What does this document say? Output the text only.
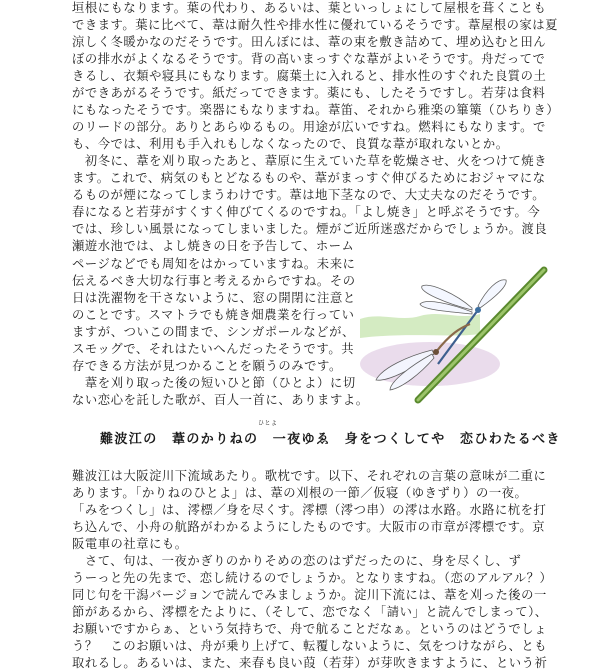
垣根にもなります。葉の代わり、あるいは、葉といっしょにして屋根を葺くことも

できます。葉に比べて、葦は耐久性や排水性に優れているそうです。葦屋根の家は夏

涼しく冬暖かなのだそうです。田んぼには、葦の束を敷き詰めて、埋め込むと田ん

ぼの排水がよくなるそうです。背の高いまっすぐな葦がよいそうです。舟だってで

きるし、衣類や寝具にもなります。腐葉土に入れると、排水性のすぐれた良質の土

ができあがるそうです。紙だってできます。薬にも、したそうですし。若芽は食料

にもなったそうです。楽器にもなりますね。葦笛、それから雅楽の篳篥（ひちりき）

のリードの部分。ありとあらゆるもの。用途が広いですね。燃料にもなります。で

も、今では、利用も手入れもしなくなったので、良質な葦が取れないとか。

　初冬に、葦を刈り取ったあと、葦原に生えていた草を乾燥させ、火をつけて焼き

ます。これで、病気のもとどなるものや、葦がまっすぐ伸びるためにおジャマにな

るものが煙になってしまうわけです。葦は地下茎なので、大丈夫なのだそうです。

春になると若芽がすくすく伸びてくるのですね。「よし焼き」と呼ぶそうです。今

では、珍しい風景になってしまいました。煙がご近所迷惑だからでしょうか。渡良

瀬遊水池では、よし焼きの日を予告して、ホーム

ページなどでも周知をはかっていますね。未来に

伝えるべき大切な行事と考えるからですね。その

日は洗濯物を干さないように、窓の開閉に注意と

のことです。スマトラでも焼き畑農業を行ってい

ますが、ついこの間まで、シンガポールなどが、

スモッグで、それはたいへんだったそうです。共

存できる方法が見つかることを願うのみです。

　葦を刈り取った後の短いひと節（ひとよ）に切

ない恋心を託した歌が、百人一首に、ありますよ。

ひとよ
難波江の　葦のかりねの　一夜ゆゑ　身をつくしてや　恋ひわたるべき

難波江は大阪淀川下流域あたり。歌枕です。以下、それぞれの言葉の意味が二重に

あります。「かりねのひとよ」は、葦の刈根の一節／仮寝（ゆきずり）の一夜。

「みをつくし」は、澪標／身を尽くす。澪標（澪つ串）の澪は水路。水路に杭を打

ち込んで、小舟の航路がわかるようにしたものです。大阪市の市章が澪標です。京

阪電車の社章にも。

　さて、句は、一夜かぎりのかりそめの恋のはずだったのに、身を尽くし、ず

うーっと先の先まで、恋し続けるのでしょうか。となりますね。（恋のアルアル？）

同じ句を干潟バージョンで読んでみましょうか。淀川下流には、葦を刈った後の一

節があるから、澪標をたよりに、（そして、恋でなく「請い」と読んでしまって）、

お願いですからぁ、という気持ちで、舟で航ることだなぁ。というのはどうでしょ

う？　このお願いは、舟が乗り上げて、転覆しないように、気をつけながら、とも

取れるし。あるいは、また、来春も良い葭（若芽）が芽吹きますように、という祈
